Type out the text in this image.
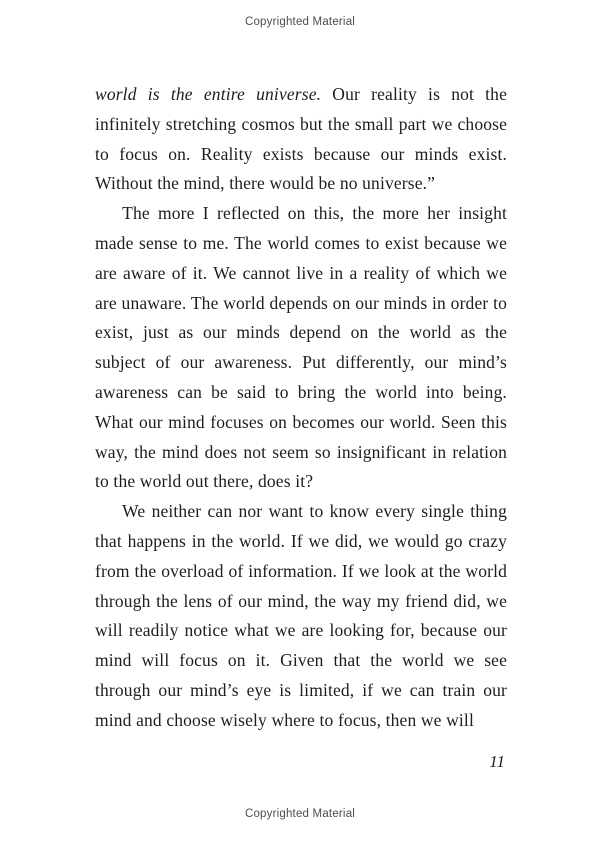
Copyrighted Material

world is the entire universe. Our reality is not the infinitely stretching cosmos but the small part we choose to focus on. Reality exists because our minds exist. Without the mind, there would be no universe.”

The more I reflected on this, the more her insight made sense to me. The world comes to exist because we are aware of it. We cannot live in a reality of which we are unaware. The world depends on our minds in order to exist, just as our minds depend on the world as the subject of our awareness. Put differently, our mind’s awareness can be said to bring the world into being. What our mind focuses on becomes our world. Seen this way, the mind does not seem so insignificant in relation to the world out there, does it?

We neither can nor want to know every single thing that happens in the world. If we did, we would go crazy from the overload of information. If we look at the world through the lens of our mind, the way my friend did, we will readily notice what we are looking for, because our mind will focus on it. Given that the world we see through our mind’s eye is limited, if we can train our mind and choose wisely where to focus, then we will

11
Copyrighted Material
